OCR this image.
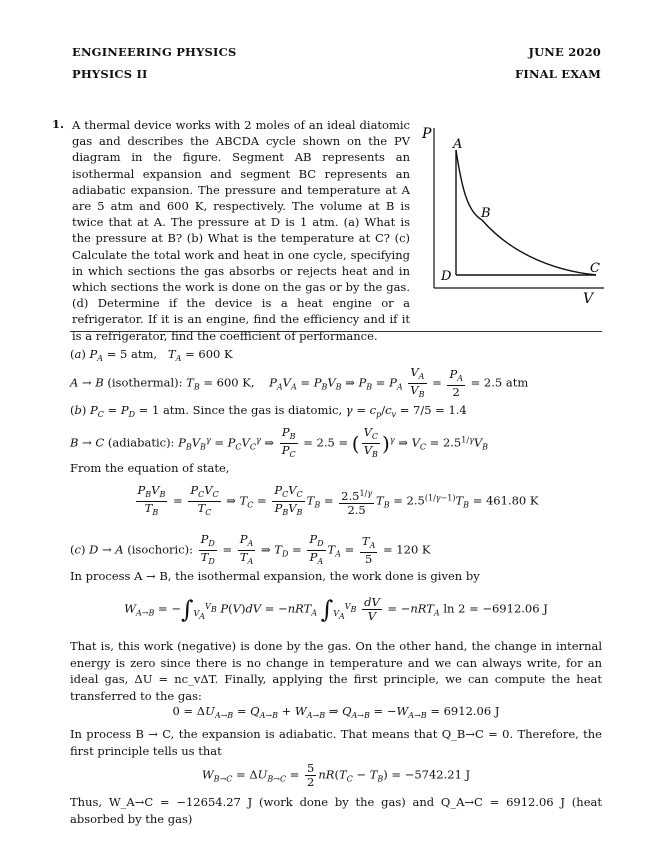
ENGINEERING PHYSICS
PHYSICS II
JUNE 2020
FINAL EXAM
1. A thermal device works with 2 moles of an ideal diatomic gas and describes the ABCDA cycle shown on the PV diagram in the figure. Segment AB represents an isothermal expansion and segment BC represents an adiabatic expansion. The pressure and temperature at A are 5 atm and 600 K, respectively. The volume at B is twice that at A. The pressure at D is 1 atm. (a) What is the pressure at B? (b) What is the temperature at C? (c) Calculate the total work and heat in one cycle, specifying in which sections the gas absorbs or rejects heat and in which sections the work is done on the gas or by the gas. (d) Determine if the device is a heat engine or a refrigerator. If it is an engine, find the efficiency and if it is a refrigerator, find the coefficient of performance.
P
V
A
B
C
D
(a) $P_A = 5$ atm,   $T_A = 600$ K
A → B (isothermal): $T_B = 600$ K,    $P_AV_A = P_BV_B$ ⇒ $P_B = P_A \frac{V_A}{V_B} = \frac{P_A}{2} = 2.5$ atm
(b) $P_C = P_D = 1$ atm. Since the gas is diatomic, $\gamma = c_p/c_v = 7/5 = 1.4$
B → C (adiabatic): $P_BV_B^\gamma = P_CV_C^\gamma$ ⇒ $\frac{P_B}{P_C} = 2.5$ = ( $\frac{V_C}{V_B} )^\gamma$ ⇒ $V_C = 2.5^{1/\gamma}V_B$
From the equation of state,
$\frac{P_BV_B}{T_B} = \frac{P_CV_C}{T_C}$ ⇒ $T_C = \frac{P_CV_C}{P_BV_B} T_B = \frac{2.5^{1/\gamma}}{2.5} T_B = 2.5^{(1/\gamma-1)}T_B = 461.80$ K
(c) D → A (isochoric): $\frac{P_D}{T_D} = \frac{P_A}{T_A}$ ⇒ $T_D = \frac{P_D}{P_A} T_A = \frac{T_A}{5} = 120$ K
In process A → B, the isothermal expansion, the work done is given by
$W_{A\to B} = -\int_{V_A}^{V_B}$ P(V)dV = −nRT$_A$ $\int_{V_A}^{V_B} \frac{dV}{V} = -nRT_A$ ln 2 = −6912.06 J
That is, this work (negative) is done by the gas. On the other hand, the change in internal energy is zero since there is no change in temperature and we can always write, for an ideal gas, ΔU = nc_vΔT. Finally, applying the first principle, we can compute the heat transferred to the gas:
$0 = \Delta U_{A\to B} = Q_{A\to B} + W_{A\to B}$ ⇒ $Q_{A\to B} = -W_{A\to B} = 6912.06$ J
In process B → C, the expansion is adiabatic. That means that Q_B→C = 0. Therefore, the first principle tells us that
$W_{B\to C} = \Delta U_{B\to C} = \frac{5}{2} nR(T_C - T_B) = -5742.21$ J
Thus, W_A→C = −12654.27 J (work done by the gas) and Q_A→C = 6912.06 J (heat absorbed by the gas)
